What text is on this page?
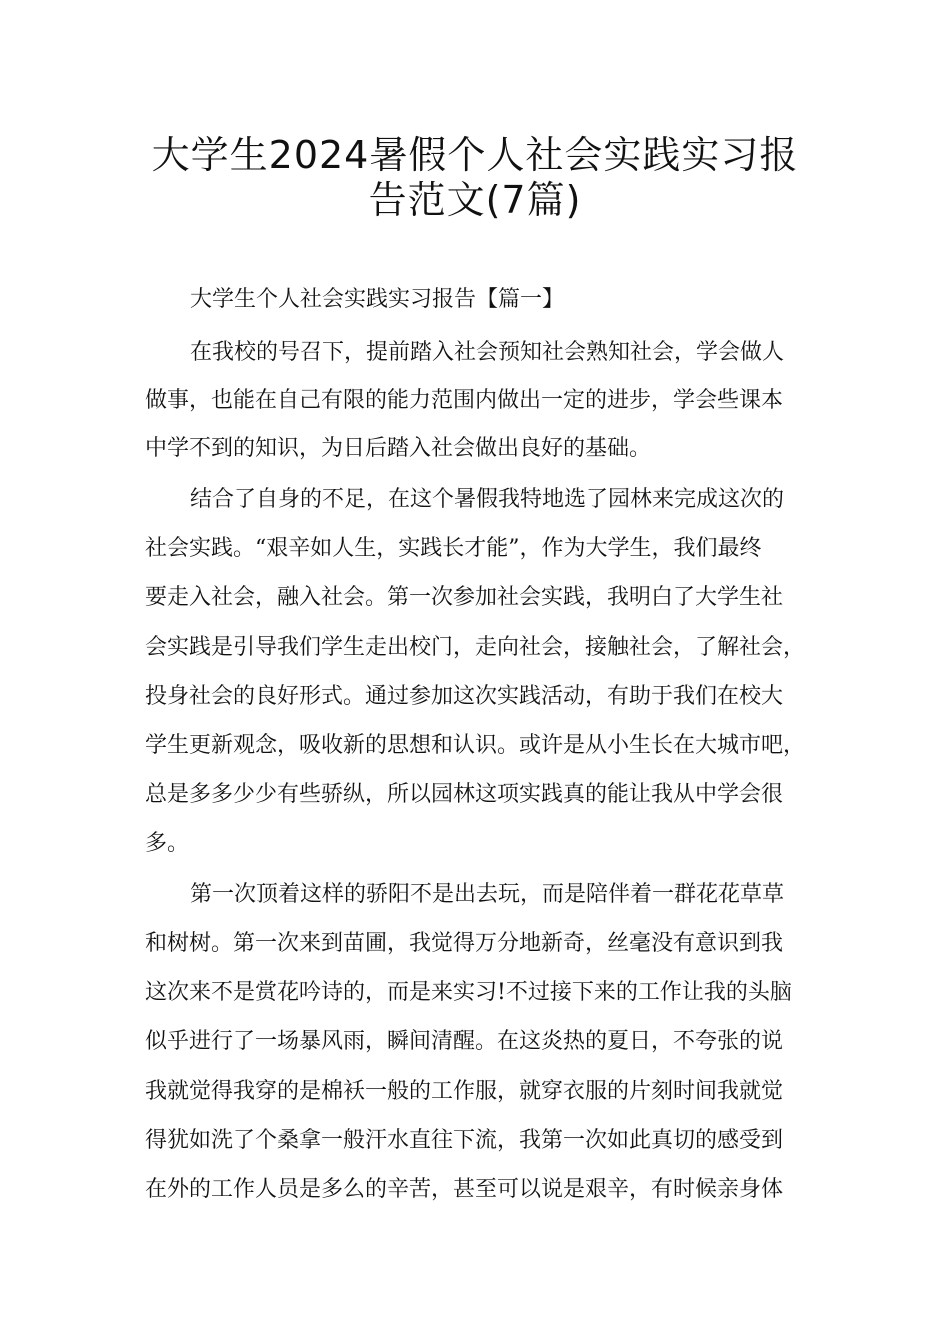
大学生2024暑假个人社会实践实习报
告范文(7篇)
大学生个人社会实践实习报告【篇一】
在我校的号召下，提前踏入社会预知社会熟知社会，学会做人
做事，也能在自己有限的能力范围内做出一定的进步，学会些课本
中学不到的知识，为日后踏入社会做出良好的基础。
结合了自身的不足，在这个暑假我特地选了园林来完成这次的
社会实践。“艰辛如人生，实践长才能”，作为大学生，我们最终
要走入社会，融入社会。第一次参加社会实践，我明白了大学生社
会实践是引导我们学生走出校门，走向社会，接触社会，了解社会，
投身社会的良好形式。通过参加这次实践活动，有助于我们在校大
学生更新观念，吸收新的思想和认识。或许是从小生长在大城市吧，
总是多多少少有些骄纵，所以园林这项实践真的能让我从中学会很
多。
第一次顶着这样的骄阳不是出去玩，而是陪伴着一群花花草草
和树树。第一次来到苗圃，我觉得万分地新奇，丝毫没有意识到我
这次来不是赏花吟诗的，而是来实习!不过接下来的工作让我的头脑
似乎进行了一场暴风雨，瞬间清醒。在这炎热的夏日，不夸张的说
我就觉得我穿的是棉袄一般的工作服，就穿衣服的片刻时间我就觉
得犹如洗了个桑拿一般汗水直往下流，我第一次如此真切的感受到
在外的工作人员是多么的辛苦，甚至可以说是艰辛，有时候亲身体
